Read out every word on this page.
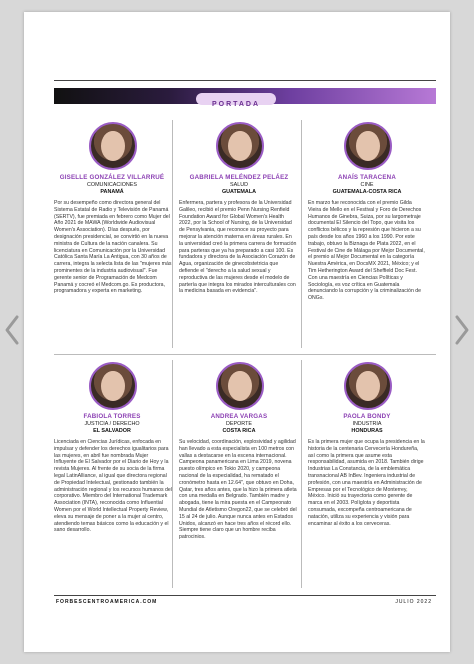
PORTADA
GISELLE GONZÁLEZ VILLARRUÉ
COMUNICACIONES
PANAMÁ
Por su desempeño como directora general del Sistema Estatal de Radio y Televisión de Panamá (SERTV), fue premiada en febrero como Mujer del Año 2021 de MAWA (Worldwide Audiovisual Women's Association). Días después, por designación presidencial, se convirtió en la nueva ministra de Cultura de la nación canalera. Su licenciatura en Comunicación por la Universidad Católica Santa María La Antigua, con 30 años de carrera, integra la selecta lista de las "mujeres más prominentes de la industria audiovisual". Fue gerente senior de Programación de Medcom Panamá y cocreó el Medcom.go. Es productora, programadora y experta en marketing.
GABRIELA MELÉNDEZ PELÁEZ
SALUD
GUATEMALA
Enfermera, partera y profesora de la Universidad Galileo, recibió el premio Penn Nursing Renfield Foundation Award for Global Women's Health 2022, por la School of Nursing, de la Universidad de Pensylvania, que reconoce su proyecto para mejorar la atención materna en áreas rurales. En la universidad creó la primera carrera de formación para parteras que ya ha preparado a casi 100. Es fundadora y directora de la Asociación Corazón de Agua, organización de ginecobstetricia que defiende el "derecho a la salud sexual y reproductiva de las mujeres desde el modelo de partería que integra los mirados interculturales con la medicina basada en evidencia".
ANAÍS TARACENA
CINE
GUATEMALA-COSTA RICA
En marzo fue reconocida con el premio Gilda Vieira de Mello en el Festival y Foro de Derechos Humanos de Ginebra, Suiza, por su largometraje documental El Silencio del Topo, que visita los conflictos bélicos y la represión que hicieron a su país desde los años 1960 a los 1990. Por este trabajo, obtuvo la Biznaga de Plata 2022, en el Festival de Cine de Málaga por Mejor Documental, el premio al Mejor Documental en la categoría Nuestra América, en DocsMX 2021, México; y el Tim Hetherington Award del Sheffield Doc Fest. Con una maestría en Ciencias Políticas y Sociología, es voz crítica en Guatemala denunciando la corrupción y la criminalización de ONGs.
FABIOLA TORRES
JUSTICIA / DERECHO
EL SALVADOR
Licenciada en Ciencias Jurídicas, enfocada en impulsar y defender los derechos igualitarios para las mujeres, en abril fue nombrada Mujer Influyente de El Salvador por el Diario de Hoy y la revista Mujeres. Al frente de su socia de la firma legal LatinAlliance, al igual que directora regional de Propiedad Intelectual, gestionado también la administración regional y los recursos humanos del corporativo. Miembro del International Trademark Association (INTA), reconocida como Influential Women por el World Intellectual Property Review, eleva su mensaje de poner a la mujer al centro, atendiendo temas básicos como la educación y el sano desarrollo.
ANDREA VARGAS
DEPORTE
COSTA RICA
Su velocidad, coordinación, explosividad y agilidad han llevado a esta especialista en 100 metros con vallas a destacarse en la escena internacional. Campeona panamericana en Lima 2019, novena puesto olímpico en Tokio 2020, y campeona nacional de la especialidad, ha rematado el cronómetro hasta en 12.64", que obtuvo en Doha, Qatar, tres años antes, que la hizo la primera atleta con una medalla en Belgrado. También madre y abogada, tiene la mira puesta en el Campeonato Mundial de Atletismo Oregon22, que se celebró del 15 al 24 de julio. Aunque nunca antes en Estados Unidos, alcanzó en hace tres años el récord ello. Siempre tiene claro que un hombre reciba patrocinios.
PAOLA BONDY
INDUSTRIA
HONDURAS
Es la primera mujer que ocupa la presidencia en la historia de la centenaria Cervecería Hondureña, así como la primera que asume esta responsabilidad, asumida en 2018. También dirige Industrias La Constancia, de la emblemática transnacional AB InBev. Ingeniera industrial de profesión, con una maestría en Administración de Empresas por el Tecnológico de Monterrey, México. Inició su trayectoria como gerente de marca en el 2003. Políglota y deportista consumada, excompeña centroamericana de natación, utiliza su experiencia y visión para encaminar al éxito a los cerveceras.
FORBESCENTROAMERICA.COM	JULIO 2022
